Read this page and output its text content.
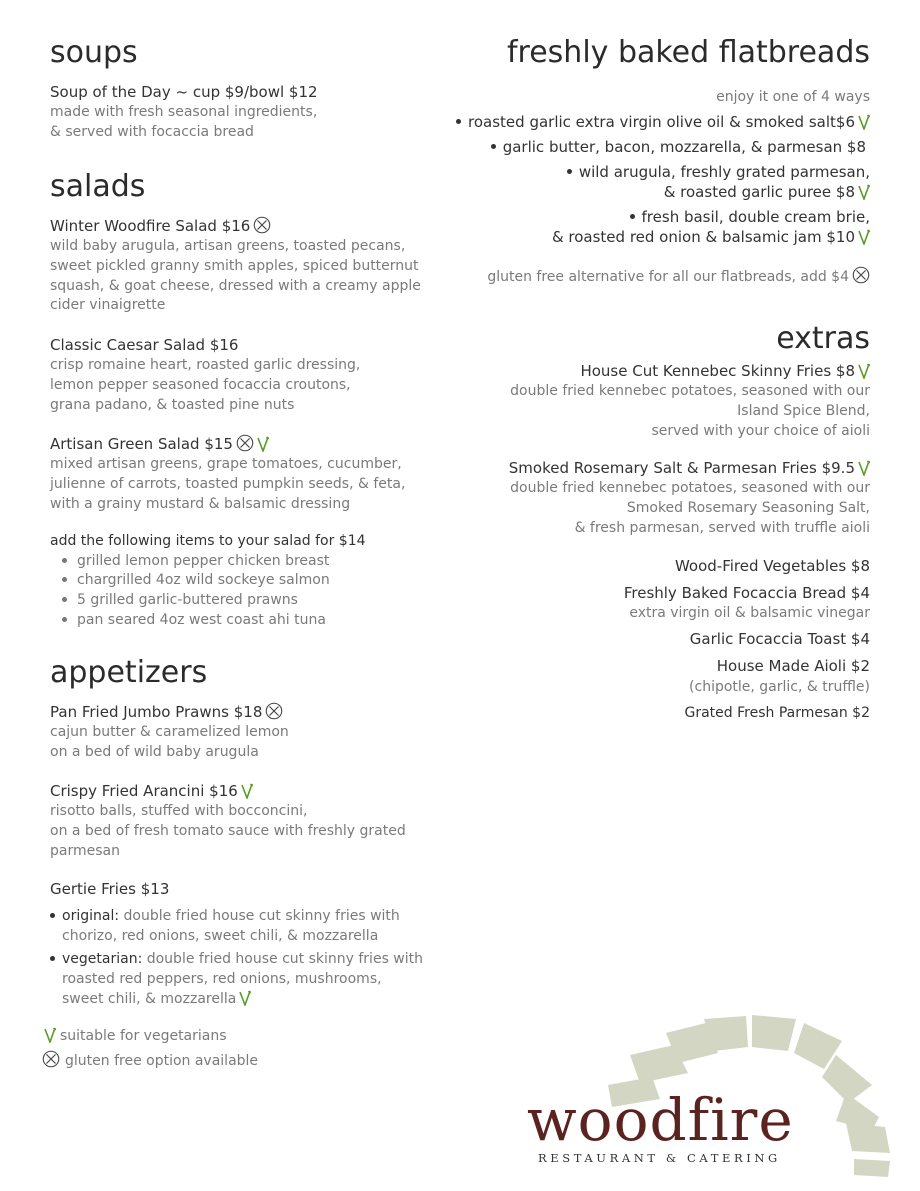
soups
Soup of the Day ~ cup $9/bowl $12
made with fresh seasonal ingredients,
& served with focaccia bread
salads
Winter Woodfire Salad $16
wild baby arugula, artisan greens, toasted pecans,
sweet pickled granny smith apples, spiced butternut
squash, & goat cheese, dressed with a creamy apple
cider vinaigrette
Classic Caesar Salad $16
crisp romaine heart, roasted garlic dressing,
lemon pepper seasoned focaccia croutons,
grana padano, & toasted pine nuts
Artisan Green Salad $15
mixed artisan greens, grape tomatoes, cucumber,
julienne of carrots, toasted pumpkin seeds, & feta,
with a grainy mustard & balsamic dressing
add the following items to your salad for $14
grilled lemon pepper chicken breast
chargrilled 4oz wild sockeye salmon
5 grilled garlic-buttered prawns
pan seared 4oz west coast ahi tuna
appetizers
Pan Fried Jumbo Prawns $18
cajun butter & caramelized lemon
on a bed of wild baby arugula
Crispy Fried Arancini $16
risotto balls, stuffed with bocconcini,
on a bed of fresh tomato sauce with freshly grated
parmesan
Gertie Fries $13
original: double fried house cut skinny fries with
chorizo, red onions, sweet chili, & mozzarella
vegetarian: double fried house cut skinny fries with
roasted red peppers, red onions, mushrooms,
sweet chili, & mozzarella
suitable for vegetarians
gluten free option available
freshly baked flatbreads
enjoy it one of 4 ways
roasted garlic extra virgin olive oil & smoked salt$6
garlic butter, bacon, mozzarella, & parmesan $8
wild arugula, freshly grated parmesan,
& roasted garlic puree $8
fresh basil, double cream brie,
& roasted red onion & balsamic jam $10
gluten free alternative for all our flatbreads, add $4
extras
House Cut Kennebec Skinny Fries $8
double fried kennebec potatoes, seasoned with our
Island Spice Blend,
served with your choice of aioli
Smoked Rosemary Salt & Parmesan Fries $9.5
double fried kennebec potatoes, seasoned with our
Smoked Rosemary Seasoning Salt,
& fresh parmesan, served with truffle aioli
Wood-Fired Vegetables $8
Freshly Baked Focaccia Bread $4
extra virgin oil & balsamic vinegar
Garlic Focaccia Toast $4
House Made Aioli $2
(chipotle, garlic, & truffle)
Grated Fresh Parmesan $2
woodfire
RESTAURANT & CATERING
